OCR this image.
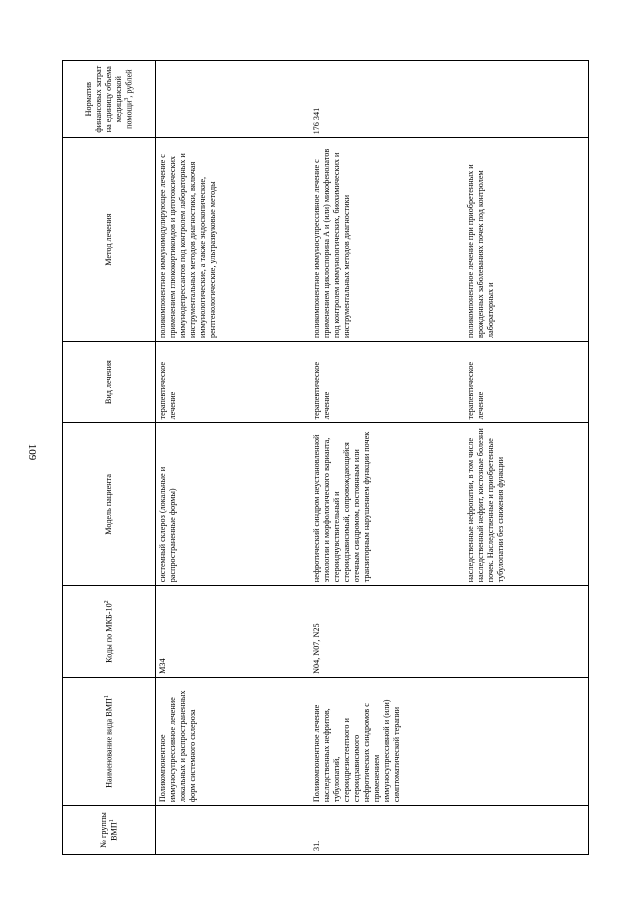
109
№ группы ВМП$^1$	Наименование вида ВМП$^1$	Коды по МКБ-$10^2$	Модель пациента	Вид лечения	Метод лечения	Норматив финансовых затрат на единицу объема медицинской помощи$^3$, рублей
	Поликомпонентное иммуносупрессивное лечение локальных и распространенных форм системного склероза	M34	системный склероз (локальные и распространенные формы)	терапевтическое лечение	поликомпонентное иммуномодулирующее лечение с применением глюкокортикоидов и цитотоксических иммунодепрессантов под контролем лабораторных и инструментальных методов диагностики, включая иммунологические, а также эндоскопические, рентгенологические, ультразвуковые методы	
31.	Поликомпонентное лечение наследственных нефритов, тубулопатий, стероидрезистентного и стероидзависимого нефротических синдромов с применением иммуносупрессивной и (или) симптоматической терапии	N04, N07, N25	нефротический синдром неустановленной этиологии и морфологического варианта, стероидчувствительный и стероидзависимый, сопровождающийся отечным синдромом, постоянным или транзиторным нарушением функции почек	терапевтическое лечение	поликомпонентное иммуносупрессивное лечение с применением циклоспорина А и (или) микофенолатов под контролем иммунологических, биохимических и инструментальных методов диагностики	176 341
			наследственные нефропатии, в том числе наследственный нефрит, кистозные болезни почек. Наследственные и приобретенные тубулопатии без снижения функции	терапевтическое лечение	поликомпонентное лечение при приобретенных и врожденных заболеваниях почек под контролем лабораторных и	
